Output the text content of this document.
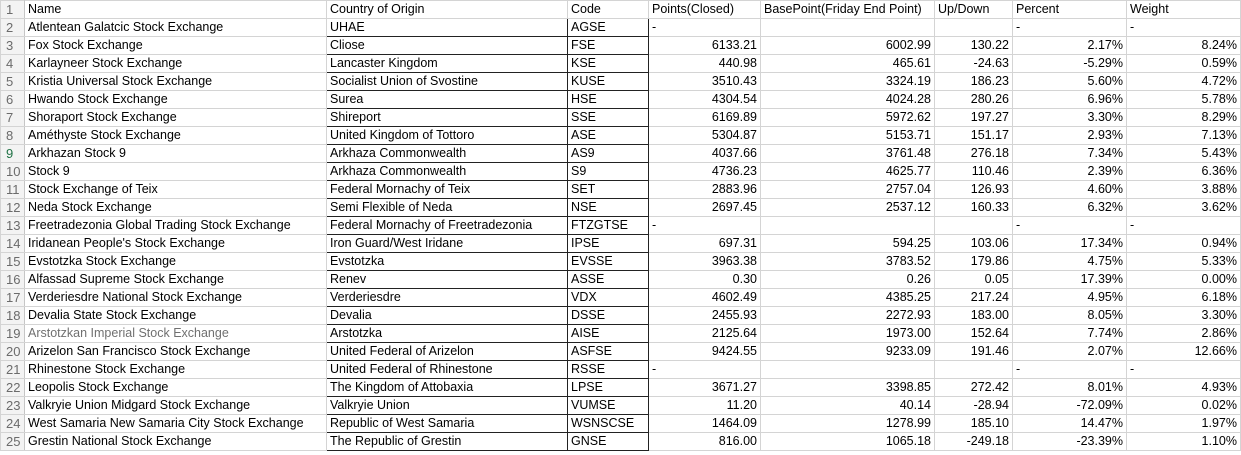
1	Name	Country of Origin	Code	Points(Closed)	BasePoint(Friday End Point)	Up/Down	Percent	Weight
2	Atlentean Galatcic Stock Exchange	UHAE	AGSE	-			-	-
3	Fox Stock Exchange	Cliose	FSE	6133.21	6002.99	130.22	2.17%	8.24%
4	Karlayneer Stock Exchange	Lancaster Kingdom	KSE	440.98	465.61	-24.63	-5.29%	0.59%
5	Kristia Universal Stock Exchange	Socialist Union of Svostine	KUSE	3510.43	3324.19	186.23	5.60%	4.72%
6	Hwando Stock Exchange	Surea	HSE	4304.54	4024.28	280.26	6.96%	5.78%
7	Shoraport Stock Exchange	Shireport	SSE	6169.89	5972.62	197.27	3.30%	8.29%
8	Améthyste Stock Exchange	United Kingdom of Tottoro	ASE	5304.87	5153.71	151.17	2.93%	7.13%
9	Arkhazan Stock 9	Arkhaza Commonwealth	AS9	4037.66	3761.48	276.18	7.34%	5.43%
10	Stock 9	Arkhaza Commonwealth	S9	4736.23	4625.77	110.46	2.39%	6.36%
11	Stock Exchange of Teix	Federal Mornachy of Teix	SET	2883.96	2757.04	126.93	4.60%	3.88%
12	Neda Stock Exchange	Semi Flexible of Neda	NSE	2697.45	2537.12	160.33	6.32%	3.62%
13	Freetradezonia Global Trading Stock Exchange	Federal Mornachy of Freetradezonia	FTZGTSE	-			-	-
14	Iridanean People's Stock Exchange	Iron Guard/West Iridane	IPSE	697.31	594.25	103.06	17.34%	0.94%
15	Evstotzka Stock Exchange	Evstotzka	EVSSE	3963.38	3783.52	179.86	4.75%	5.33%
16	Alfassad Supreme Stock Exchange	Renev	ASSE	0.30	0.26	0.05	17.39%	0.00%
17	Verderiesdre National Stock Exchange	Verderiesdre	VDX	4602.49	4385.25	217.24	4.95%	6.18%
18	Devalia State Stock Exchange	Devalia	DSSE	2455.93	2272.93	183.00	8.05%	3.30%
19	Arstotzkan Imperial Stock Exchange	Arstotzka	AISE	2125.64	1973.00	152.64	7.74%	2.86%
20	Arizelon San Francisco Stock Exchange	United Federal of Arizelon	ASFSE	9424.55	9233.09	191.46	2.07%	12.66%
21	Rhinestone Stock Exchange	United Federal of Rhinestone	RSSE	-			-	-
22	Leopolis Stock Exchange	The Kingdom of Attobaxia	LPSE	3671.27	3398.85	272.42	8.01%	4.93%
23	Valkryie Union Midgard Stock Exchange	Valkryie Union	VUMSE	11.20	40.14	-28.94	-72.09%	0.02%
24	West Samaria New Samaria City Stock Exchange	Republic of West Samaria	WSNSCSE	1464.09	1278.99	185.10	14.47%	1.97%
25	Grestin National Stock Exchange	The Republic of Grestin	GNSE	816.00	1065.18	-249.18	-23.39%	1.10%
